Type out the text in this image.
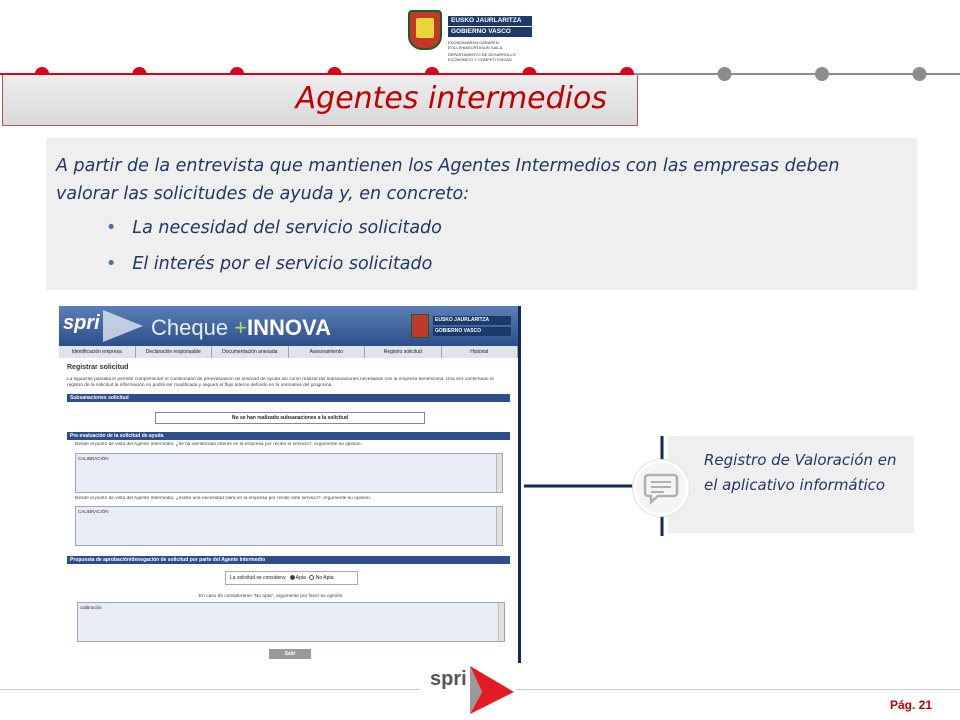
EUSKO JAURLARITZA
GOBIERNO VASCO
EKONOMIAREN GARAPEN
ETA LEHIAKORTASUN SAILA
DEPARTAMENTO DE DESARROLLO
ECONÓMICO Y COMPETITIVIDAD
Agentes intermedios
A partir de la entrevista que mantienen los Agentes Intermedios con las empresas deben valorar las solicitudes de ayuda y, en concreto:
• La necesidad del servicio solicitado
• El interés por el servicio solicitado
spri Cheque +INNOVA	EUSKO JAURLARITZA
GOBIERNO VASCO
Identificación empresa	Declaración responsable	Documentación anexada	Asesoramiento	Registro solicitud	Historial
Registrar solicitud
La siguiente pantalla le permite cumplimentar el cuestionario de preevaluación de solicitud de ayuda así como realizar las subsanaciones necesarias con la empresa beneficiaria. Una vez confirmado el registro de la solicitud la información no podrá ser modificada y seguirá el flujo interno definido en la normativa del programa.
Subsanaciones solicitud
No se han realizado subsanaciones a la solicitud
Pre-evaluación de la solicitud de ayuda
Desde el punto de vista del Agente Intermedio, ¿se ha identificado interés en la empresa por recibir el servicio?. Argumente su opinión.
CALIBRACIÓN
Desde el punto de vista del Agente Intermedio, ¿existe una necesidad clara en la empresa por recibir este servicio?. Argumente su opinión.
CALIBRACIÓN
Propuesta de aprobación/denegación de solicitud por parte del Agente Intermedio
La solicitud se considera: Apta No Apta
En caso de considerarse "No apta", argumente por favor su opinión
calibración
Salir
Registro de Valoración en el aplicativo informático
spri
Pág. 21
